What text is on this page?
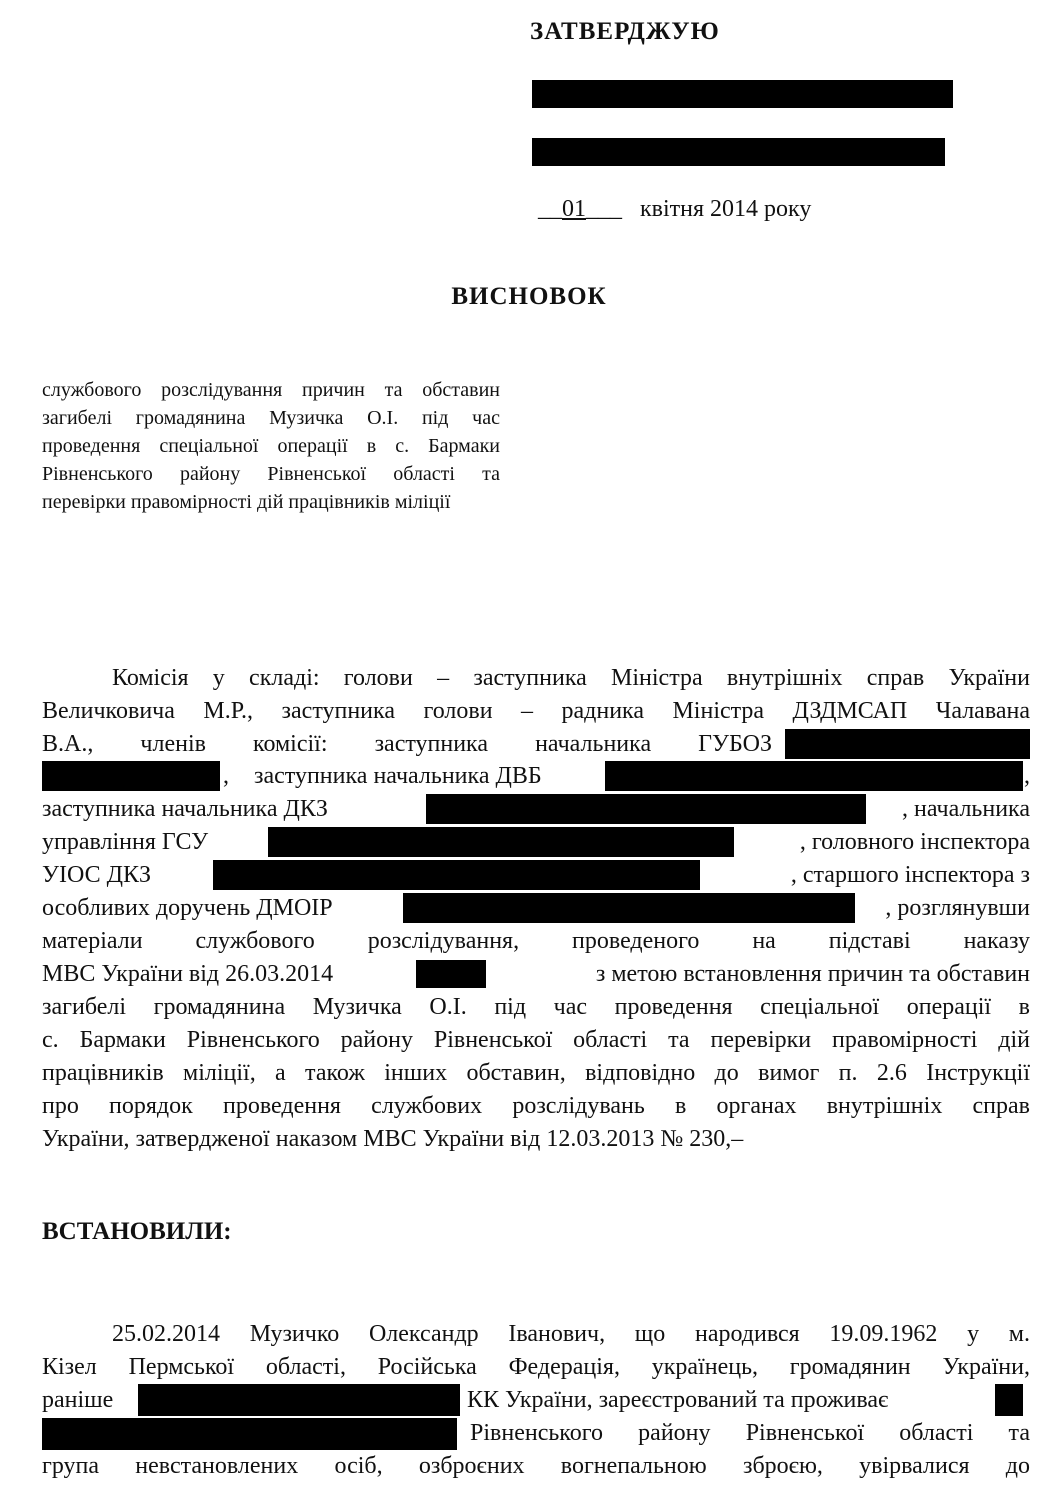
ЗАТВЕРДЖУЮ
__01___ квітня 2014 року
ВИСНОВОК
службового розслідування причин та обставин загибелі громадянина Музичка О.І. під час проведення спеціальної операції в с. Бармаки Рівненського району Рівненської області та перевірки правомірності дій працівників міліції
Комісія у складі: голови – заступника Міністра внутрішніх справ України
Величковича М.Р., заступника голови – радника Міністра ДЗДМСАП Чалавана
В.А., членів комісії: заступника начальника ГУБОЗ
, заступника начальника ДВБ	,
заступника начальника ДКЗ	, начальника
управління ГСУ	, головного інспектора
УІОС ДКЗ	, старшого інспектора з
особливих доручень ДМОІР	, розглянувши
матеріали службового розслідування, проведеного на підставі наказу
МВС України від 26.03.2014	з метою встановлення причин та обставин
загибелі громадянина Музичка О.І. під час проведення спеціальної операції в
с. Бармаки Рівненського району Рівненської області та перевірки правомірності дій
працівників міліції, а також інших обставин, відповідно до вимог п. 2.6 Інструкції
про порядок проведення службових розслідувань в органах внутрішніх справ
України, затвердженої наказом МВС України від 12.03.2013 № 230,–
ВСТАНОВИЛИ:
25.02.2014 Музичко Олександр Іванович, що народився 19.09.1962 у м.
Кізел Пермської області, Російська Федерація, українець, громадянин України,
раніше	КК України, зареєстрований та проживає
Рівненського району Рівненської області та
група невстановлених осіб, озброєних вогнепальною зброєю, увірвалися до
